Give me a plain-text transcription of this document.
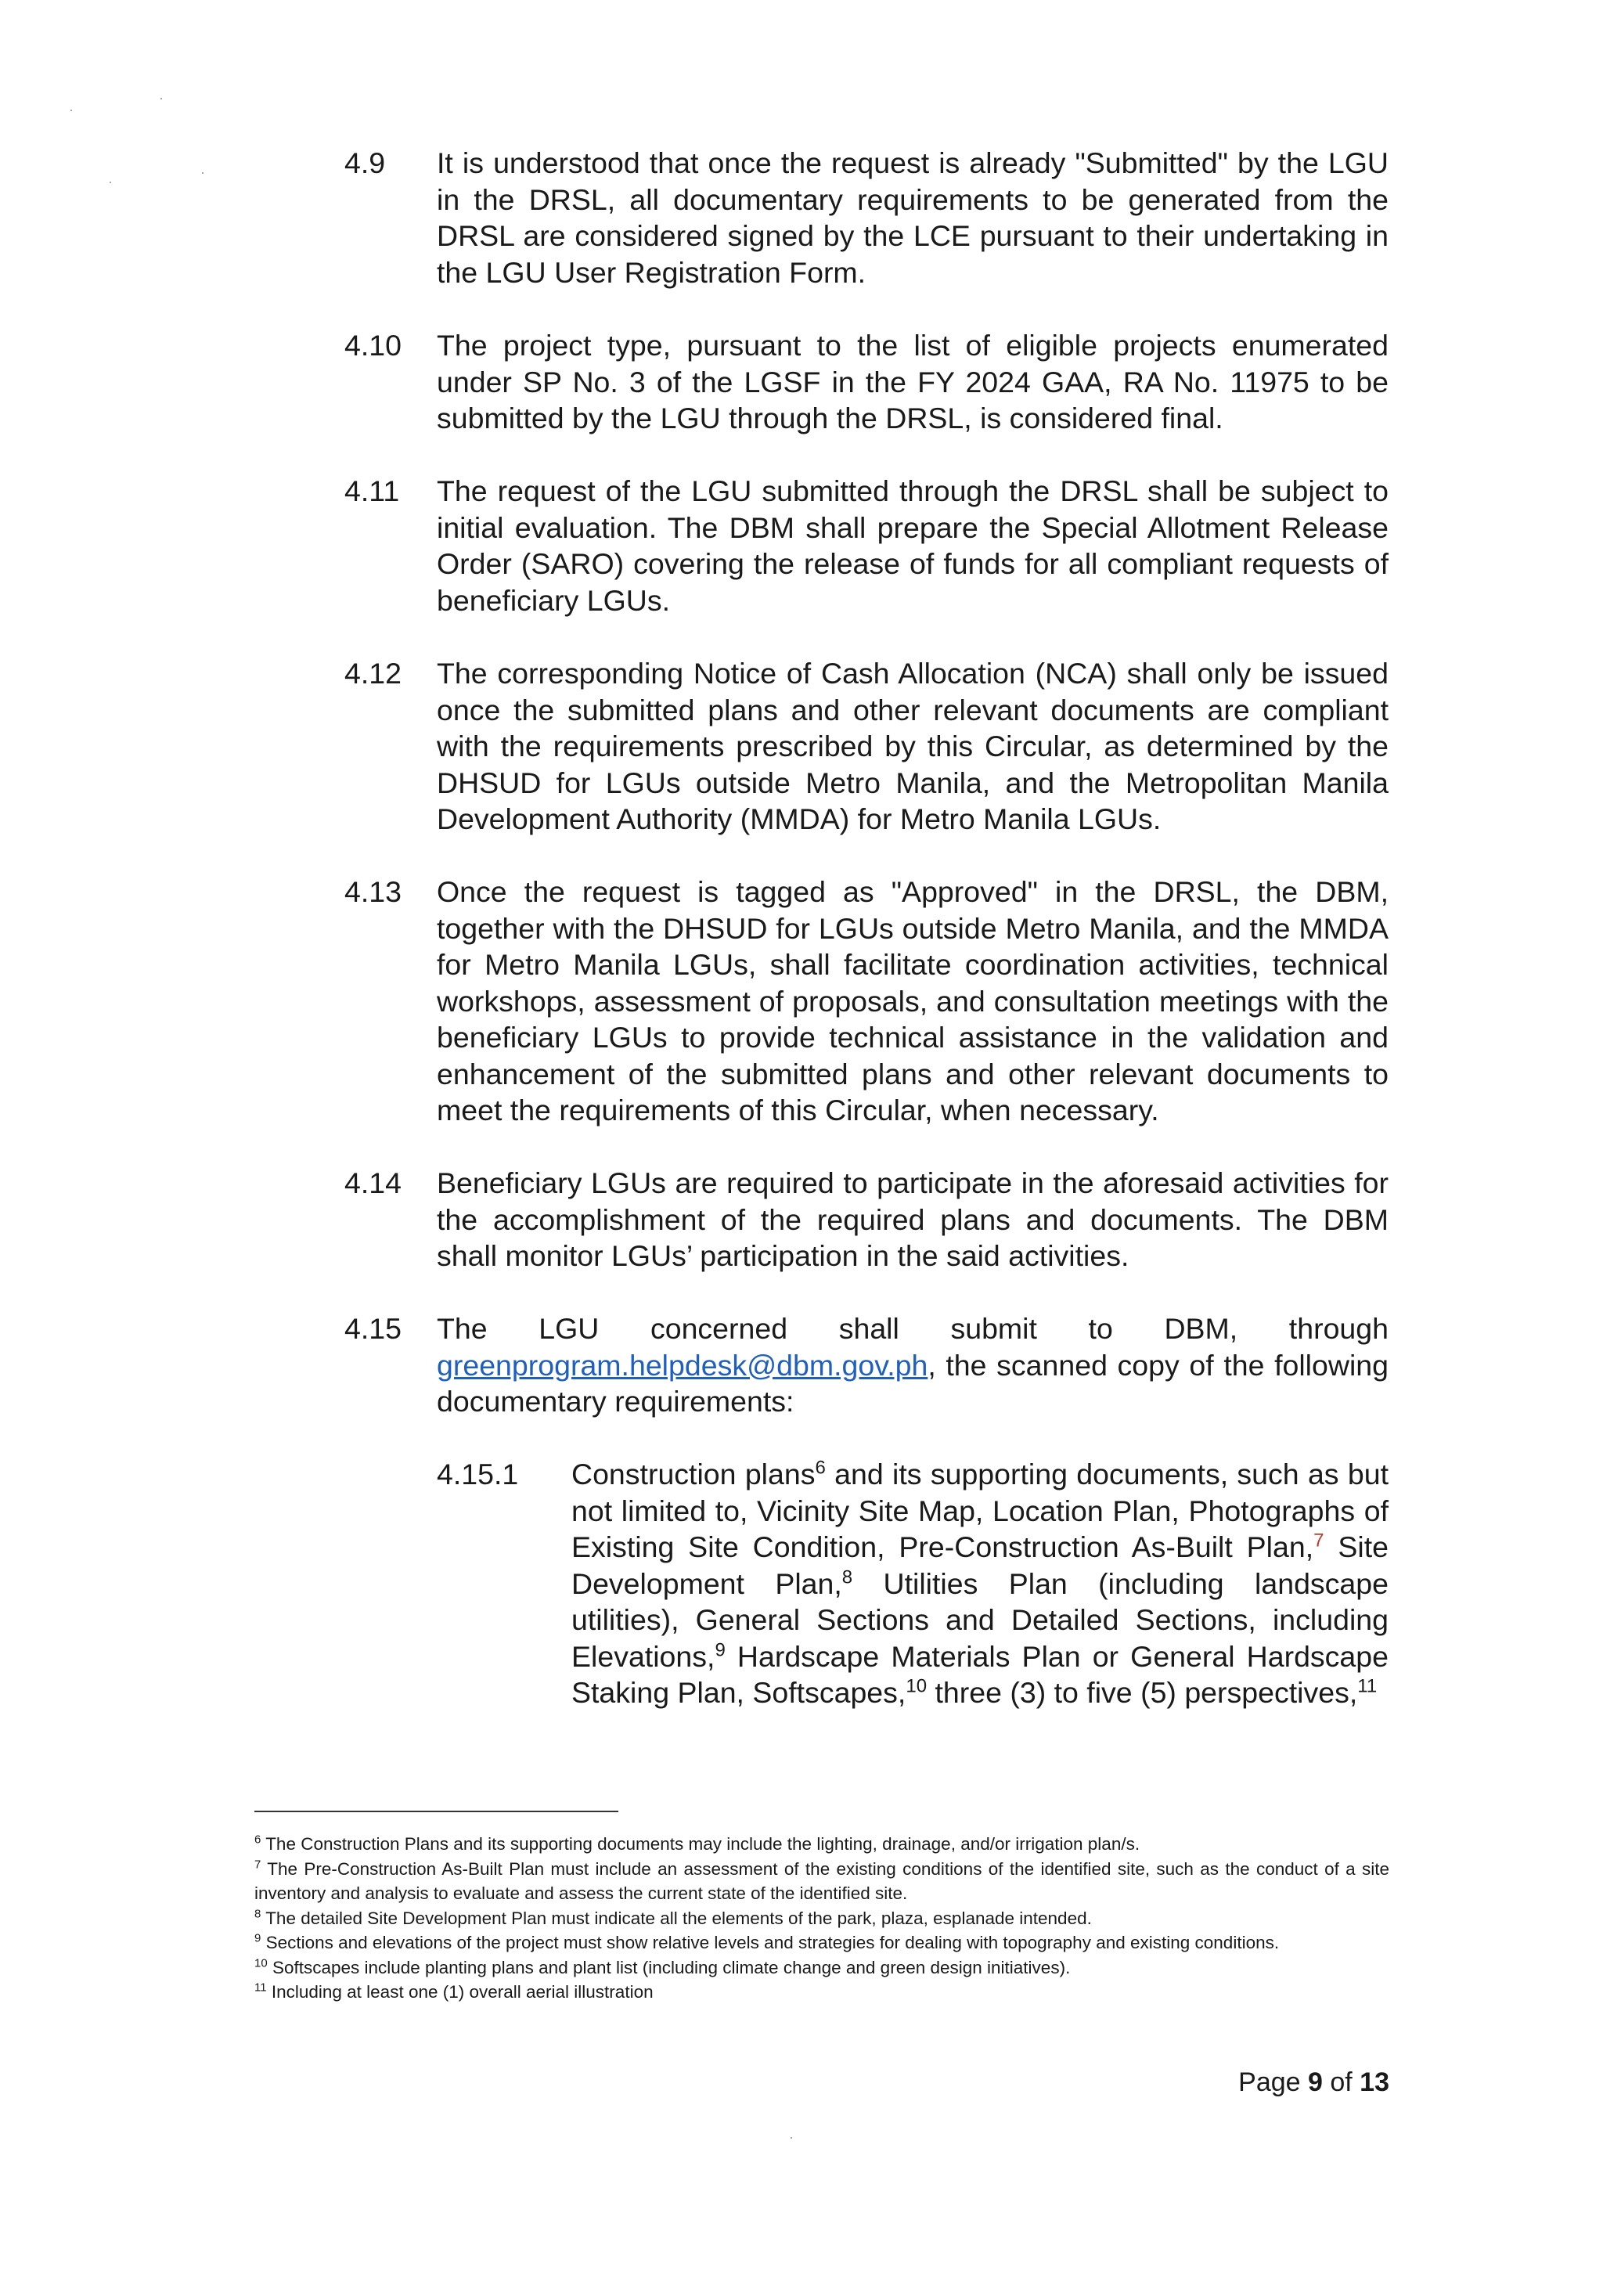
4.9	It is understood that once the request is already "Submitted" by the LGU in the DRSL, all documentary requirements to be generated from the DRSL are considered signed by the LCE pursuant to their undertaking in the LGU User Registration Form.
4.10	The project type, pursuant to the list of eligible projects enumerated under SP No. 3 of the LGSF in the FY 2024 GAA, RA No. 11975 to be submitted by the LGU through the DRSL, is considered final.
4.11	The request of the LGU submitted through the DRSL shall be subject to initial evaluation. The DBM shall prepare the Special Allotment Release Order (SARO) covering the release of funds for all compliant requests of beneficiary LGUs.
4.12	The corresponding Notice of Cash Allocation (NCA) shall only be issued once the submitted plans and other relevant documents are compliant with the requirements prescribed by this Circular, as determined by the DHSUD for LGUs outside Metro Manila, and the Metropolitan Manila Development Authority (MMDA) for Metro Manila LGUs.
4.13	Once the request is tagged as "Approved" in the DRSL, the DBM, together with the DHSUD for LGUs outside Metro Manila, and the MMDA for Metro Manila LGUs, shall facilitate coordination activities, technical workshops, assessment of proposals, and consultation meetings with the beneficiary LGUs to provide technical assistance in the validation and enhancement of the submitted plans and other relevant documents to meet the requirements of this Circular, when necessary.
4.14	Beneficiary LGUs are required to participate in the aforesaid activities for the accomplishment of the required plans and documents. The DBM shall monitor LGUs’ participation in the said activities.
4.15	The LGU concerned shall submit to DBM, through greenprogram.helpdesk@dbm.gov.ph, the scanned copy of the following documentary requirements:
4.15.1	Construction plans$^6$ and its supporting documents, such as but not limited to, Vicinity Site Map, Location Plan, Photographs of Existing Site Condition, Pre-Construction As-Built Plan,$^7$ Site Development Plan,$^8$ Utilities Plan (including landscape utilities), General Sections and Detailed Sections, including Elevations,$^9$ Hardscape Materials Plan or General Hardscape Staking Plan, Softscapes,$^{10}$ three (3) to five (5) perspectives,$^{11}$

$^6$ The Construction Plans and its supporting documents may include the lighting, drainage, and/or irrigation plan/s.

$^7$ The Pre-Construction As-Built Plan must include an assessment of the existing conditions of the identified site, such as the conduct of a site inventory and analysis to evaluate and assess the current state of the identified site.

$^8$ The detailed Site Development Plan must indicate all the elements of the park, plaza, esplanade intended.

$^9$ Sections and elevations of the project must show relative levels and strategies for dealing with topography and existing conditions.

$^{10}$ Softscapes include planting plans and plant list (including climate change and green design initiatives).

$^{11}$ Including at least one (1) overall aerial illustration

Page 9 of 13
